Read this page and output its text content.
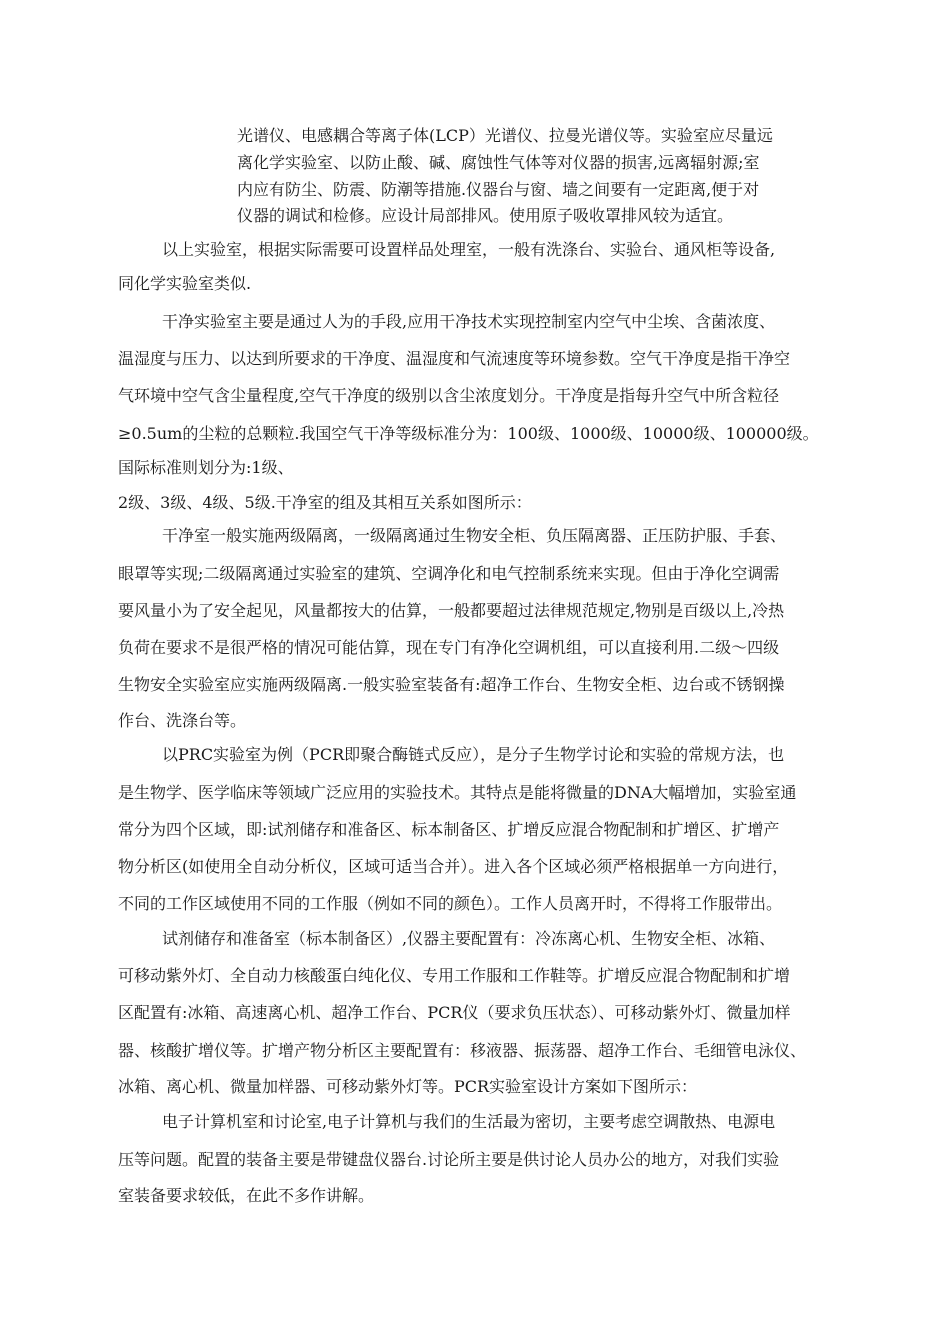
光谱仪、电感耦合等离子体(LCP）光谱仪、拉曼光谱仪等。实验室应尽量远
离化学实验室、以防止酸、碱、腐蚀性气体等对仪器的损害,远离辐射源;室
内应有防尘、防震、防潮等措施.仪器台与窗、墙之间要有一定距离,便于对
仪器的调试和检修。应设计局部排风。使用原子吸收罩排风较为适宜。
以上实验室，根据实际需要可设置样品处理室，一般有洗涤台、实验台、通风柜等设备,
同化学实验室类似.
干净实验室主要是通过人为的手段,应用干净技术实现控制室内空气中尘埃、含菌浓度、
温湿度与压力、以达到所要求的干净度、温湿度和气流速度等环境参数。空气干净度是指干净空
气环境中空气含尘量程度,空气干净度的级别以含尘浓度划分。干净度是指每升空气中所含粒径
≥0.5um的尘粒的总颗粒.我国空气干净等级标准分为：100级、1000级、10000级、100000级。
国际标准则划分为:1级、
2级、3级、4级、5级.干净室的组及其相互关系如图所示：
干净室一般实施两级隔离，一级隔离通过生物安全柜、负压隔离器、正压防护服、手套、
眼罩等实现;二级隔离通过实验室的建筑、空调净化和电气控制系统来实现。但由于净化空调需
要风量小为了安全起见，风量都按大的估算，一般都要超过法律规范规定,物别是百级以上,冷热
负荷在要求不是很严格的情况可能估算，现在专门有净化空调机组，可以直接利用.二级～四级
生物安全实验室应实施两级隔离.一般实验室装备有:超净工作台、生物安全柜、边台或不锈钢操
作台、洗涤台等。
以PRC实验室为例（PCR即聚合酶链式反应），是分子生物学讨论和实验的常规方法，也
是生物学、医学临床等领域广泛应用的实验技术。其特点是能将微量的DNA大幅增加，实验室通
常分为四个区域，即:试剂储存和准备区、标本制备区、扩增反应混合物配制和扩增区、扩增产
物分析区(如使用全自动分析仪，区域可适当合并）。进入各个区域必须严格根据单一方向进行，
不同的工作区域使用不同的工作服（例如不同的颜色）。工作人员离开时，不得将工作服带出。
试剂储存和准备室（标本制备区）,仪器主要配置有：冷冻离心机、生物安全柜、冰箱、
可移动紫外灯、全自动力核酸蛋白纯化仪、专用工作服和工作鞋等。扩增反应混合物配制和扩增
区配置有:冰箱、高速离心机、超净工作台、PCR仪（要求负压状态）、可移动紫外灯、微量加样
器、核酸扩增仪等。扩增产物分析区主要配置有：移液器、振荡器、超净工作台、毛细管电泳仪、
冰箱、离心机、微量加样器、可移动紫外灯等。PCR实验室设计方案如下图所示：
电子计算机室和讨论室,电子计算机与我们的生活最为密切，主要考虑空调散热、电源电
压等问题。配置的装备主要是带键盘仪器台.讨论所主要是供讨论人员办公的地方，对我们实验
室装备要求较低，在此不多作讲解。
